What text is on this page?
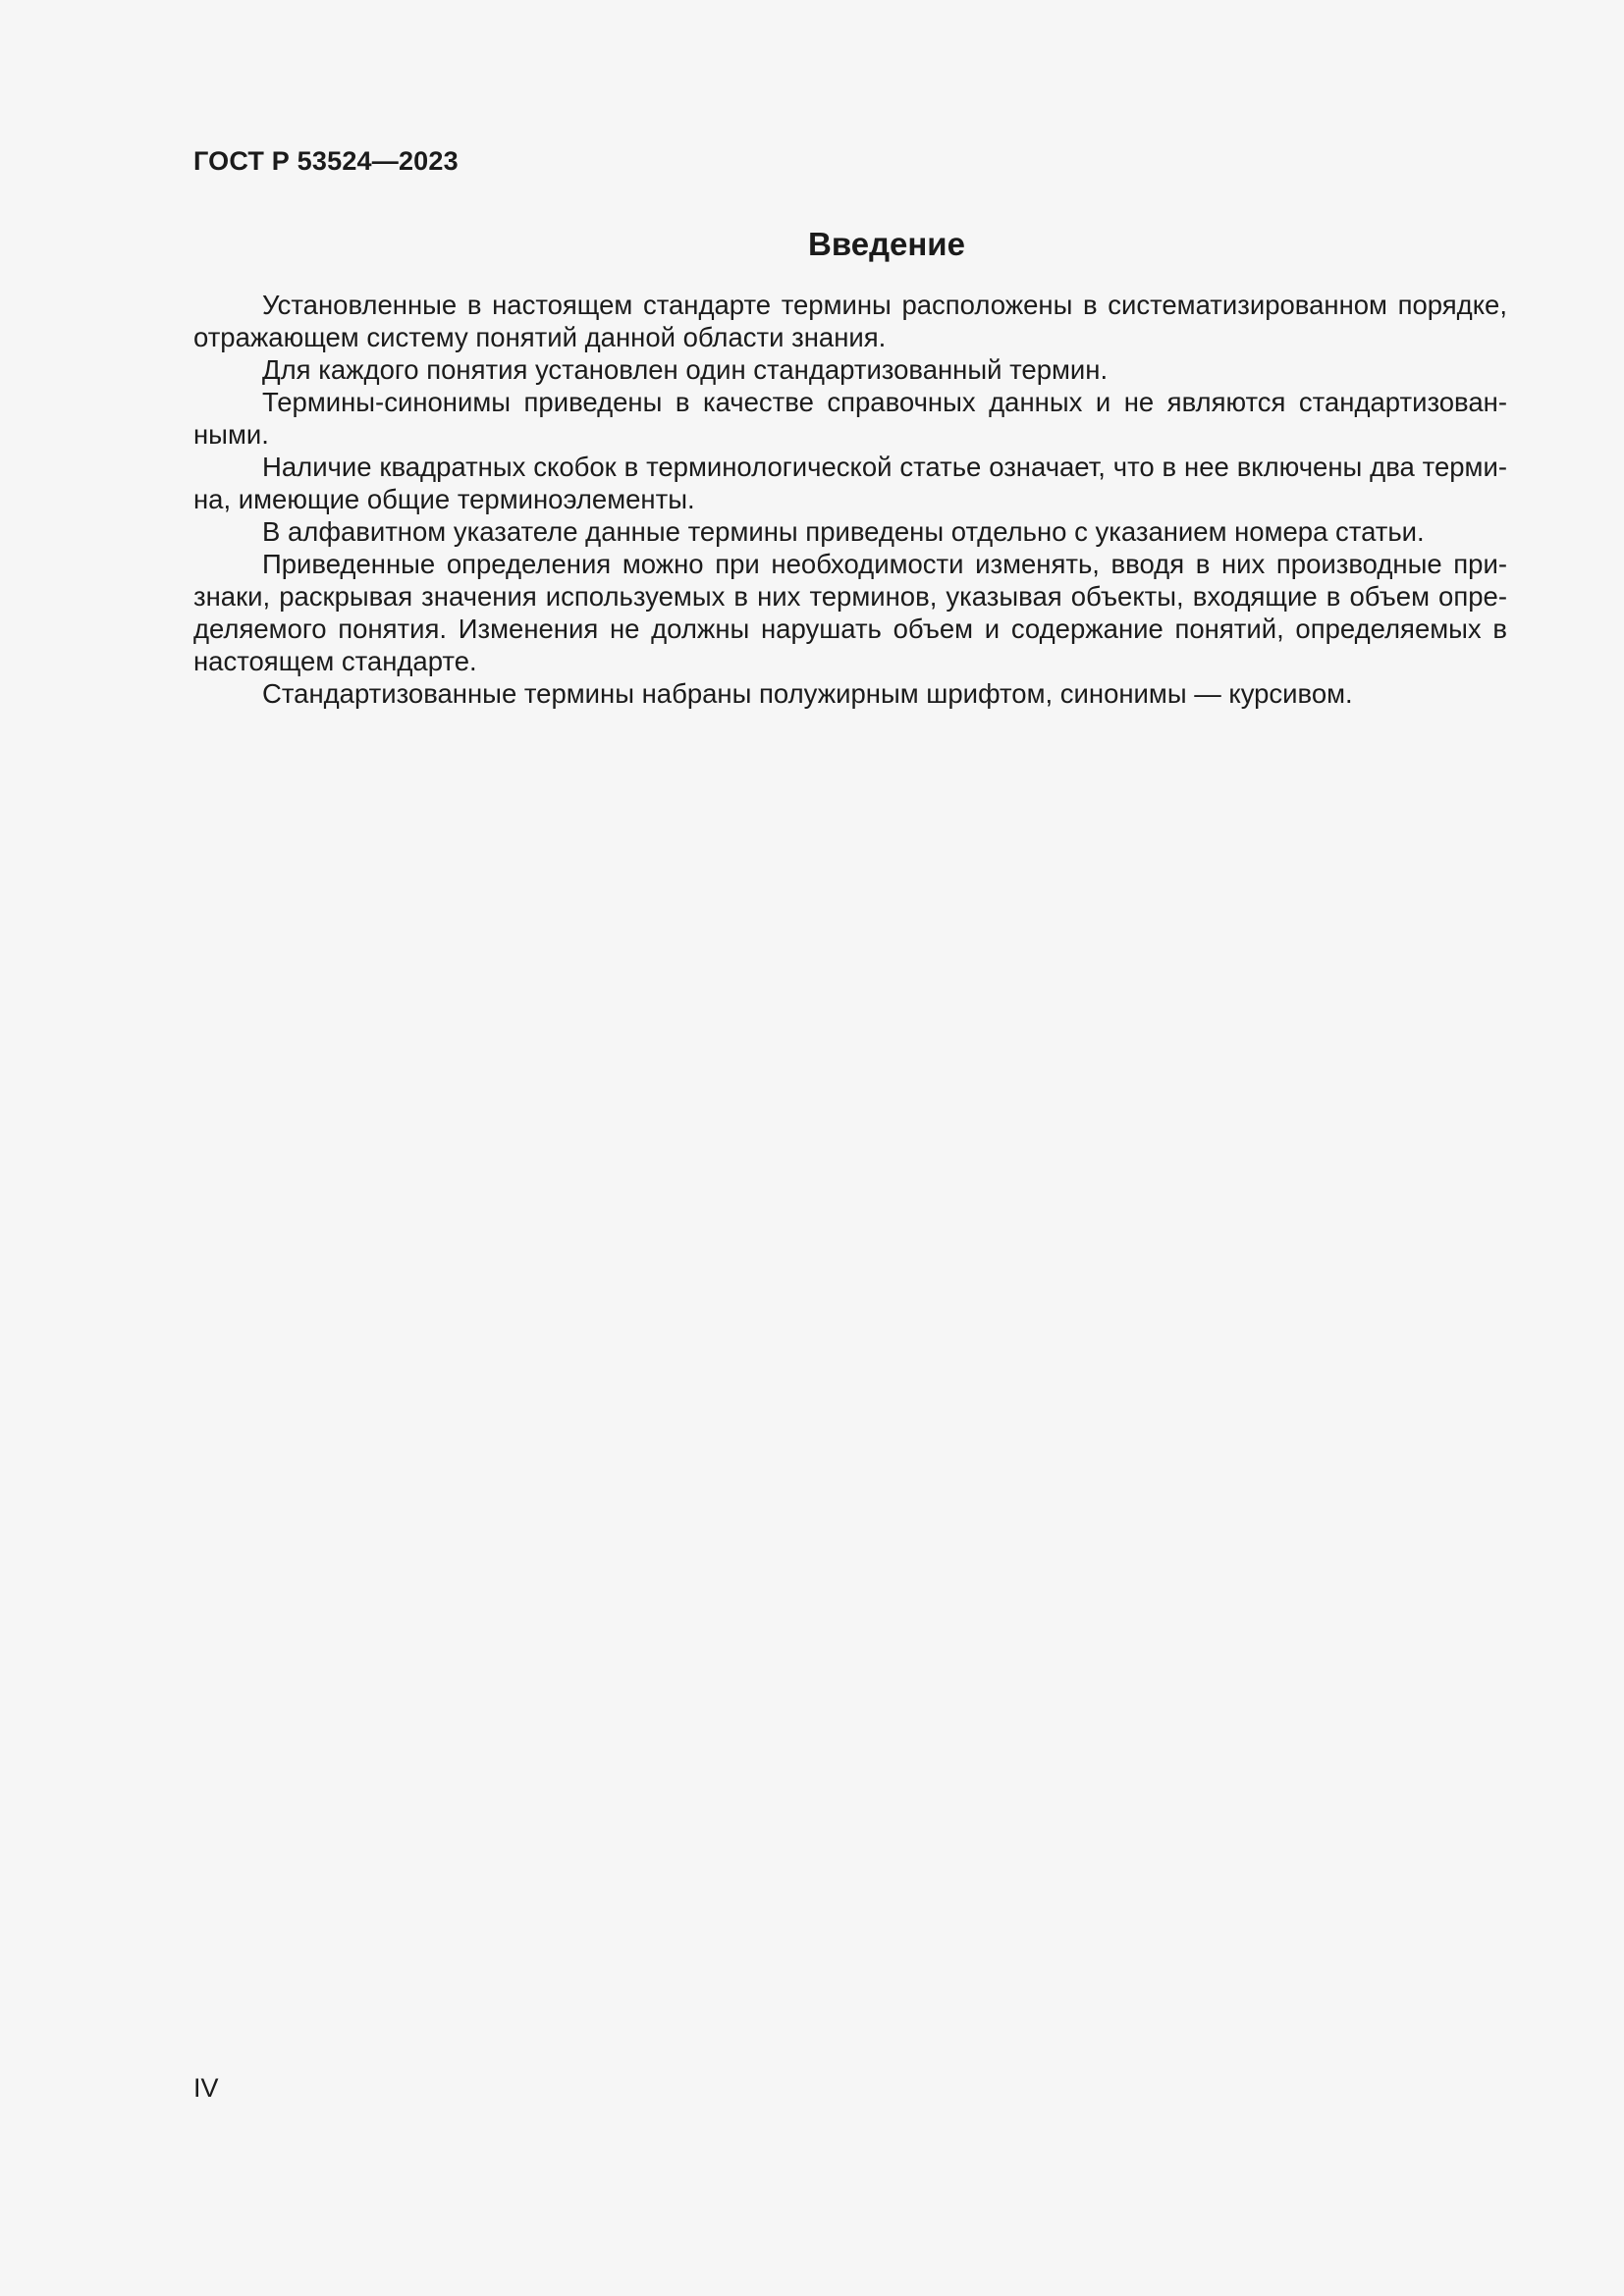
ГОСТ Р 53524—2023
Введение

Установленные в настоящем стандарте термины расположены в систематизированном порядке, отражающем систему понятий данной области знания.

Для каждого понятия установлен один стандартизованный термин.

Термины-синонимы приведены в качестве справочных данных и не являются стандартизованными.

Наличие квадратных скобок в терминологической статье означает, что в нее включены два термина, имеющие общие терминоэлементы.

В алфавитном указателе данные термины приведены отдельно с указанием номера статьи.

Приведенные определения можно при необходимости изменять, вводя в них производные признаки, раскрывая значения используемых в них терминов, указывая объекты, входящие в объем определяемого понятия. Изменения не должны нарушать объем и содержание понятий, определяемых в настоящем стандарте.

Стандартизованные термины набраны полужирным шрифтом, синонимы — курсивом.

IV
